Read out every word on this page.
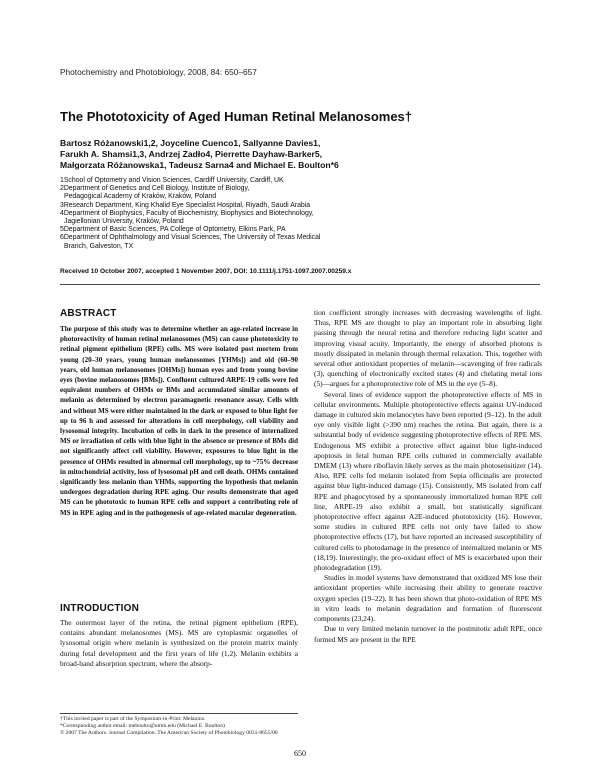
Photochemistry and Photobiology, 2008, 84: 650–657
The Phototoxicity of Aged Human Retinal Melanosomes†
Bartosz Różanowski1,2, Joyceline Cuenco1, Sallyanne Davies1,
Farukh A. Shamsi1,3, Andrzej Zadło4, Pierrette Dayhaw-Barker5,
Małgorzata Różanowska1, Tadeusz Sarna4 and Michael E. Boulton*6
1School of Optometry and Vision Sciences, Cardiff University, Cardiff, UK
2Department of Genetics and Cell Biology, Institute of Biology,
Pedagogical Academy of Kraków, Kraków, Poland
3Research Department, King Khalid Eye Specialist Hospital, Riyadh, Saudi Arabia
4Department of Biophysics, Faculty of Biochemistry, Biophysics and Biotechnology,
Jagiellonian University, Kraków, Poland
5Department of Basic Sciences, PA College of Optometry, Elkins Park, PA
6Department of Ophthalmology and Visual Sciences, The University of Texas Medical
Branch, Galveston, TX
Received 10 October 2007, accepted 1 November 2007, DOI: 10.1111/j.1751-1097.2007.00259.x
ABSTRACT
The purpose of this study was to determine whether an age-related increase in photoreactivity of human retinal melanosomes (MS) can cause phototoxicity to retinal pigment epithelium (RPE) cells. MS were isolated post mortem from young (20–30 years, young human melanosomes [YHMs]) and old (60–90 years, old human melanosomes [OHMs]) human eyes and from young bovine eyes (bovine melanosomes [BMs]). Confluent cultured ARPE-19 cells were fed equivalent numbers of OHMs or BMs and accumulated similar amounts of melanin as determined by electron paramagnetic resonance assay. Cells with and without MS were either maintained in the dark or exposed to blue light for up to 96 h and assessed for alterations in cell morphology, cell viability and lysosomal integrity. Incubation of cells in dark in the presence of internalized MS or irradiation of cells with blue light in the absence or presence of BMs did not significantly affect cell viability. However, exposures to blue light in the presence of OHMs resulted in abnormal cell morphology, up to ~75% decrease in mitochondrial activity, loss of lysosomal pH and cell death. OHMs contained significantly less melanin than YHMs, supporting the hypothesis that melanin undergoes degradation during RPE aging. Our results demonstrate that aged MS can be phototoxic to human RPE cells and support a contributing role of MS in RPE aging and in the pathogenesis of age-related macular degeneration.
INTRODUCTION
The outermost layer of the retina, the retinal pigment epithelium (RPE), contains abundant melanosomes (MS). MS are cytoplasmic organelles of lysosomal origin where melanin is synthesized on the protein matrix mainly during fetal development and the first years of life (1,2). Melanin exhibits a broad-band absorption spectrum, where the absorp-

tion coefficient strongly increases with decreasing wavelengths of light. Thus, RPE MS are thought to play an important role in absorbing light passing through the neural retina and therefore reducing light scatter and improving visual acuity. Importantly, the energy of absorbed photons is mostly dissipated in melanin through thermal relaxation. This, together with several other antioxidant properties of melanin—scavenging of free radicals (3), quenching of electronically excited states (4) and chelating metal ions (5)—argues for a photoprotective role of MS in the eye (5–8).

Several lines of evidence support the photoprotective effects of MS in cellular environments. Multiple photoprotective effects against UV-induced damage in cultured skin melanocytes have been reported (9–12). In the adult eye only visible light (>390 nm) reaches the retina. But again, there is a substantial body of evidence suggesting photoprotective effects of RPE MS. Endogenous MS exhibit a protective effect against blue light-induced apoptosis in fetal human RPE cells cultured in commercially available DMEM (13) where riboflavin likely serves as the main photosensitizer (14). Also, RPE cells fed melanin isolated from Sepia officinalis are protected against blue light-induced damage (15). Consistently, MS isolated from calf RPE and phagocytosed by a spontaneously immortalized human RPE cell line, ARPE-19 also exhibit a small, but statistically significant photoprotective effect against A2E-induced phototoxicity (16). However, some studies in cultured RPE cells not only have failed to show photoprotective effects (17), but have reported an increased susceptibility of cultured cells to photodamage in the presence of internalized melanin or MS (18,19). Interestingly, the pro-oxidant effect of MS is exacerbated upon their photodegradation (19).

Studies in model systems have demonstrated that oxidized MS lose their antioxidant properties while increasing their ability to generate reactive oxygen species (19–22). It has been shown that photo-oxidation of RPE MS in vitro leads to melanin degradation and formation of fluorescent components (23,24).

Due to very limited melanin turnover in the postmitotic adult RPE, once formed MS are present in the RPE

†This invited paper is part of the Symposium-in-Print: Melanins.
*Corresponding author email: meboulto@utmb.edu (Michael E. Boulton)
© 2007 The Authors. Journal Compilation. The American Society of Photobiology 0031-8655/08
650
